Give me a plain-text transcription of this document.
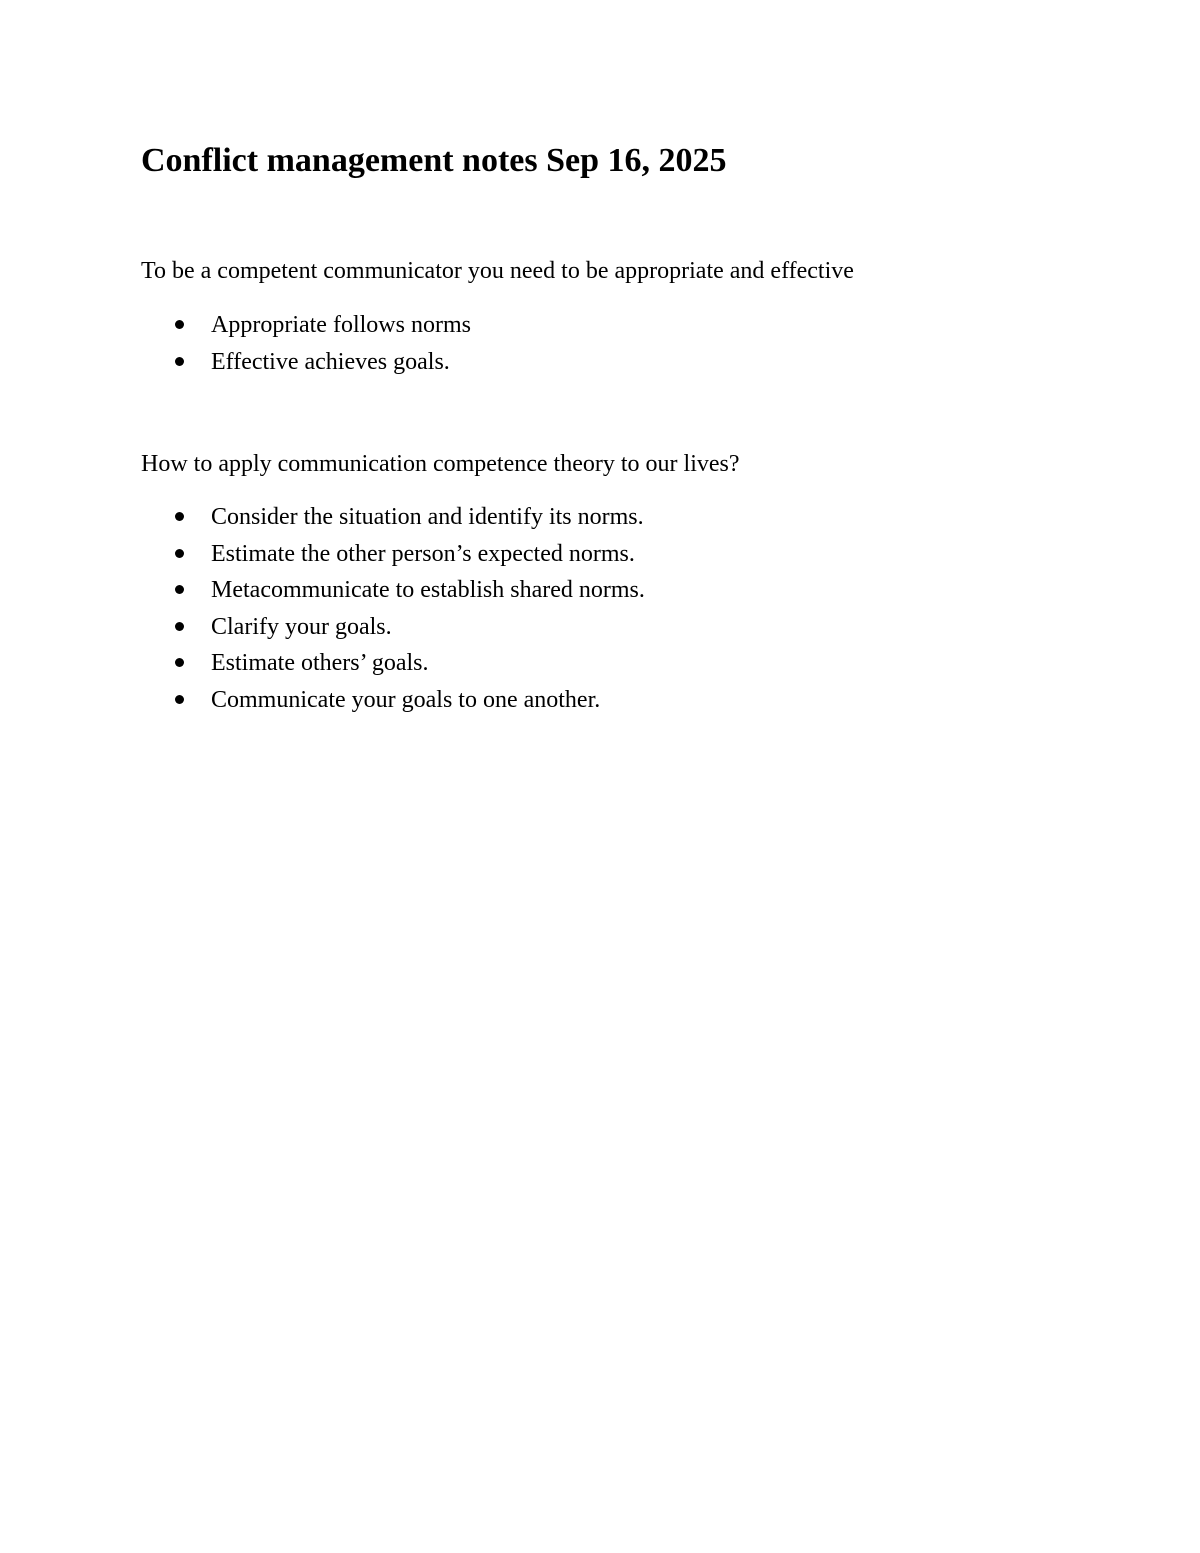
Conflict management notes Sep 16, 2025

To be a competent communicator you need to be appropriate and effective

Appropriate follows norms
Effective achieves goals.

How to apply communication competence theory to our lives?

Consider the situation and identify its norms.
Estimate the other person’s expected norms.
Metacommunicate to establish shared norms.
Clarify your goals.
Estimate others’ goals.
Communicate your goals to one another.
